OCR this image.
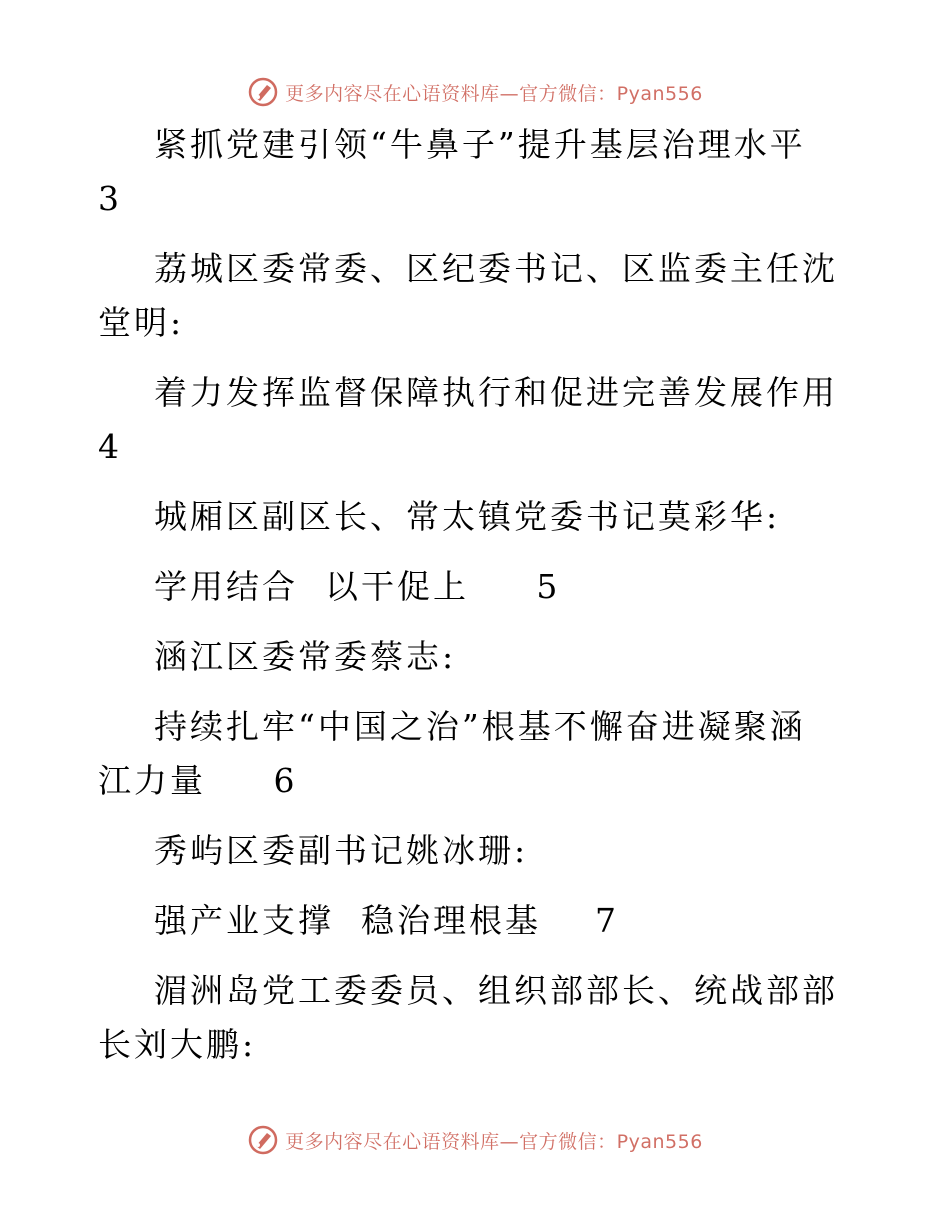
更多内容尽在心语资料库—官方微信：Pyan556

紧抓党建引领“牛鼻子”提升基层治理水平  3

荔城区委常委、区纪委书记、区监委主任沈堂明:

着力发挥监督保障执行和促进完善发展作用  4

城厢区副区长、常太镇党委书记莫彩华:

学用结合  以干促上     5

涵江区委常委蔡志:

持续扎牢“中国之治”根基不懈奋进凝聚涵江力量     6

秀屿区委副书记姚冰珊:

强产业支撑  稳治理根基    7

湄洲岛党工委委员、组织部部长、统战部部长刘大鹏:

更多内容尽在心语资料库—官方微信：Pyan556
